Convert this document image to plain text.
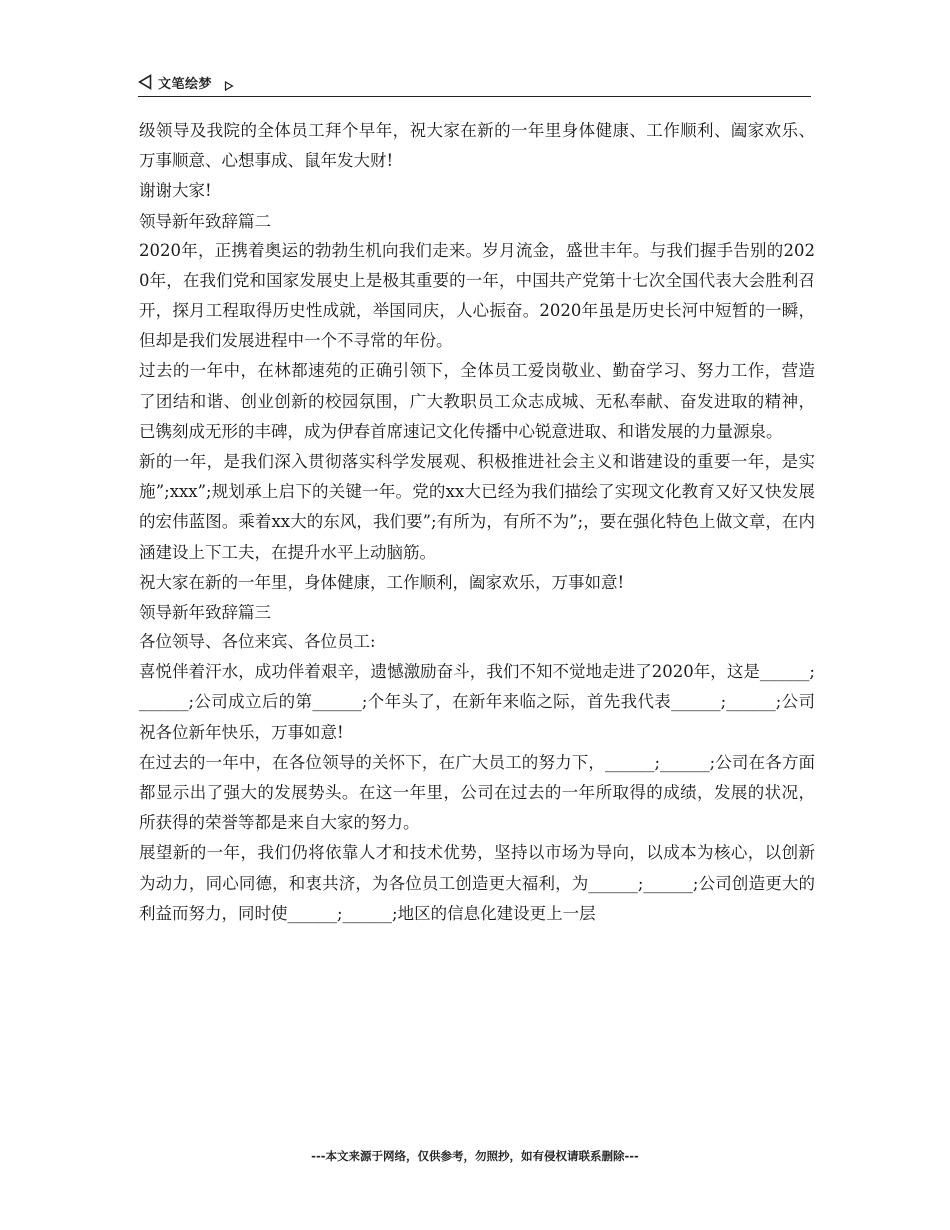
文笔绘梦

级领导及我院的全体员工拜个早年，祝大家在新的一年里身体健康、工作顺利、阖家欢乐、万事顺意、心想事成、鼠年发大财!

谢谢大家!

领导新年致辞篇二

2020年，正携着奥运的勃勃生机向我们走来。岁月流金，盛世丰年。与我们握手告别的2020年，在我们党和国家发展史上是极其重要的一年，中国共产党第十七次全国代表大会胜利召开，探月工程取得历史性成就，举国同庆，人心振奋。2020年虽是历史长河中短暂的一瞬，但却是我们发展进程中一个不寻常的年份。

过去的一年中，在林都速苑的正确引领下，全体员工爱岗敬业、勤奋学习、努力工作，营造了团结和谐、创业创新的校园氛围，广大教职员工众志成城、无私奉献、奋发进取的精神，已镌刻成无形的丰碑，成为伊春首席速记文化传播中心锐意进取、和谐发展的力量源泉。

新的一年，是我们深入贯彻落实科学发展观、积极推进社会主义和谐建设的重要一年，是实施”;xxx”;规划承上启下的关键一年。党的xx大已经为我们描绘了实现文化教育又好又快发展的宏伟蓝图。乘着xx大的东风，我们要”;有所为，有所不为”;，要在强化特色上做文章，在内涵建设上下工夫，在提升水平上动脑筋。

祝大家在新的一年里，身体健康，工作顺利，阖家欢乐，万事如意!

领导新年致辞篇三

各位领导、各位来宾、各位员工:

喜悦伴着汗水，成功伴着艰辛，遗憾激励奋斗，我们不知不觉地走进了2020年，这是______;______;公司成立后的第______;个年头了，在新年来临之际，首先我代表______;______;公司祝各位新年快乐，万事如意!

在过去的一年中，在各位领导的关怀下，在广大员工的努力下，______;______;公司在各方面都显示出了强大的发展势头。在这一年里，公司在过去的一年所取得的成绩，发展的状况，所获得的荣誉等都是来自大家的努力。

展望新的一年，我们仍将依靠人才和技术优势，坚持以市场为导向，以成本为核心，以创新为动力，同心同德，和衷共济，为各位员工创造更大福利，为______;______;公司创造更大的利益而努力，同时使______;______;地区的信息化建设更上一层

---本文来源于网络，仅供参考，勿照抄，如有侵权请联系删除---
